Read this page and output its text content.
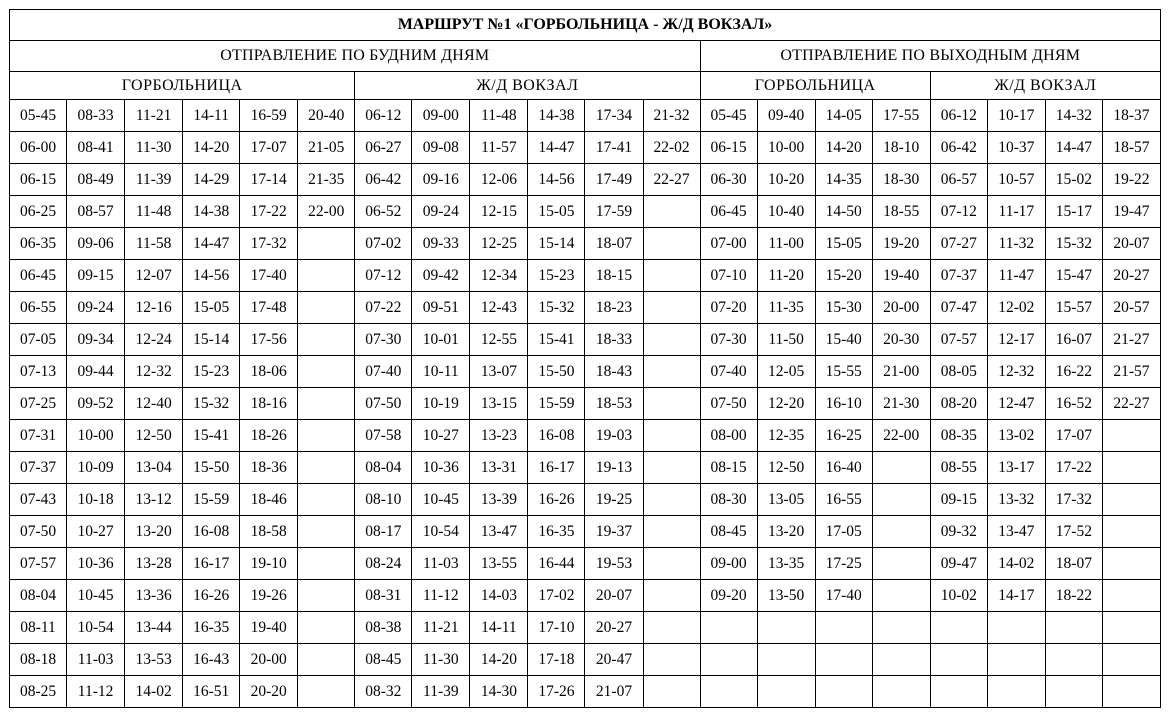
МАРШРУТ №1 «ГОРБОЛЬНИЦА - Ж/Д ВОКЗАЛ»																			
ОТПРАВЛЕНИЕ ПО БУДНИМ ДНЯМ												ОТПРАВЛЕНИЕ ПО ВЫХОДНЫМ ДНЯМ							
ГОРБОЛЬНИЦА						Ж/Д ВОКЗАЛ						ГОРБОЛЬНИЦА				Ж/Д ВОКЗАЛ			
05-45	08-33	11-21	14-11	16-59	20-40	06-12	09-00	11-48	14-38	17-34	21-32	05-45	09-40	14-05	17-55	06-12	10-17	14-32	18-37
06-00	08-41	11-30	14-20	17-07	21-05	06-27	09-08	11-57	14-47	17-41	22-02	06-15	10-00	14-20	18-10	06-42	10-37	14-47	18-57
06-15	08-49	11-39	14-29	17-14	21-35	06-42	09-16	12-06	14-56	17-49	22-27	06-30	10-20	14-35	18-30	06-57	10-57	15-02	19-22
06-25	08-57	11-48	14-38	17-22	22-00	06-52	09-24	12-15	15-05	17-59		06-45	10-40	14-50	18-55	07-12	11-17	15-17	19-47
06-35	09-06	11-58	14-47	17-32		07-02	09-33	12-25	15-14	18-07		07-00	11-00	15-05	19-20	07-27	11-32	15-32	20-07
06-45	09-15	12-07	14-56	17-40		07-12	09-42	12-34	15-23	18-15		07-10	11-20	15-20	19-40	07-37	11-47	15-47	20-27
06-55	09-24	12-16	15-05	17-48		07-22	09-51	12-43	15-32	18-23		07-20	11-35	15-30	20-00	07-47	12-02	15-57	20-57
07-05	09-34	12-24	15-14	17-56		07-30	10-01	12-55	15-41	18-33		07-30	11-50	15-40	20-30	07-57	12-17	16-07	21-27
07-13	09-44	12-32	15-23	18-06		07-40	10-11	13-07	15-50	18-43		07-40	12-05	15-55	21-00	08-05	12-32	16-22	21-57
07-25	09-52	12-40	15-32	18-16		07-50	10-19	13-15	15-59	18-53		07-50	12-20	16-10	21-30	08-20	12-47	16-52	22-27
07-31	10-00	12-50	15-41	18-26		07-58	10-27	13-23	16-08	19-03		08-00	12-35	16-25	22-00	08-35	13-02	17-07	
07-37	10-09	13-04	15-50	18-36		08-04	10-36	13-31	16-17	19-13		08-15	12-50	16-40		08-55	13-17	17-22	
07-43	10-18	13-12	15-59	18-46		08-10	10-45	13-39	16-26	19-25		08-30	13-05	16-55		09-15	13-32	17-32	
07-50	10-27	13-20	16-08	18-58		08-17	10-54	13-47	16-35	19-37		08-45	13-20	17-05		09-32	13-47	17-52	
07-57	10-36	13-28	16-17	19-10		08-24	11-03	13-55	16-44	19-53		09-00	13-35	17-25		09-47	14-02	18-07	
08-04	10-45	13-36	16-26	19-26		08-31	11-12	14-03	17-02	20-07		09-20	13-50	17-40		10-02	14-17	18-22	
08-11	10-54	13-44	16-35	19-40		08-38	11-21	14-11	17-10	20-27									
08-18	11-03	13-53	16-43	20-00		08-45	11-30	14-20	17-18	20-47									
08-25	11-12	14-02	16-51	20-20		08-32	11-39	14-30	17-26	21-07									
